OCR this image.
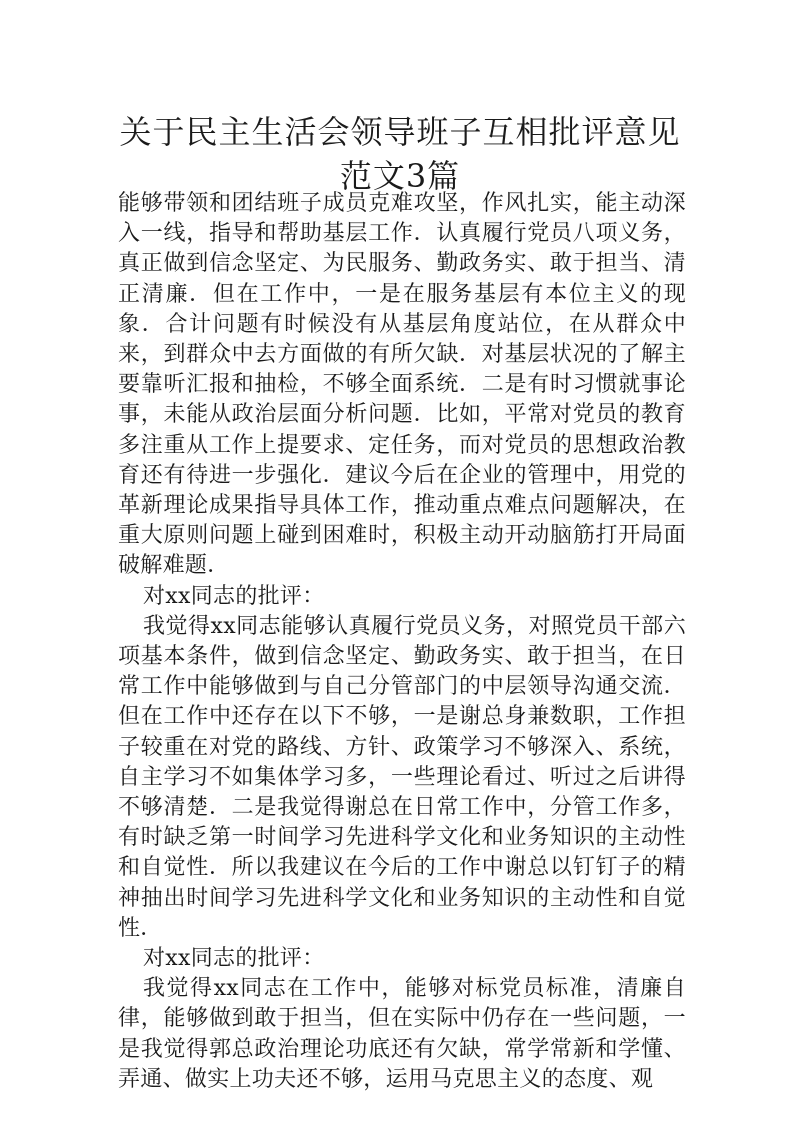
关于民主生活会领导班子互相批评意见范文3篇

能够带领和团结班子成员克难攻坚，作风扎实，能主动深入一线，指导和帮助基层工作．认真履行党员八项义务，真正做到信念坚定、为民服务、勤政务实、敢于担当、清正清廉．但在工作中，一是在服务基层有本位主义的现象．合计问题有时候没有从基层角度站位，在从群众中来，到群众中去方面做的有所欠缺．对基层状况的了解主要靠听汇报和抽检，不够全面系统．二是有时习惯就事论事，未能从政治层面分析问题．比如，平常对党员的教育多注重从工作上提要求、定任务，而对党员的思想政治教育还有待进一步强化．建议今后在企业的管理中，用党的革新理论成果指导具体工作，推动重点难点问题解决，在重大原则问题上碰到困难时，积极主动开动脑筋打开局面破解难题．

对xx同志的批评：

我觉得xx同志能够认真履行党员义务，对照党员干部六项基本条件，做到信念坚定、勤政务实、敢于担当，在日常工作中能够做到与自己分管部门的中层领导沟通交流．但在工作中还存在以下不够，一是谢总身兼数职，工作担子较重在对党的路线、方针、政策学习不够深入、系统，自主学习不如集体学习多，一些理论看过、听过之后讲得不够清楚．二是我觉得谢总在日常工作中，分管工作多，有时缺乏第一时间学习先进科学文化和业务知识的主动性和自觉性．所以我建议在今后的工作中谢总以钉钉子的精神抽出时间学习先进科学文化和业务知识的主动性和自觉性．

对xx同志的批评：

我觉得xx同志在工作中，能够对标党员标准，清廉自律，能够做到敢于担当，但在实际中仍存在一些问题，一是我觉得郭总政治理论功底还有欠缺，常学常新和学懂、弄通、做实上功夫还不够，运用马克思主义的态度、观
